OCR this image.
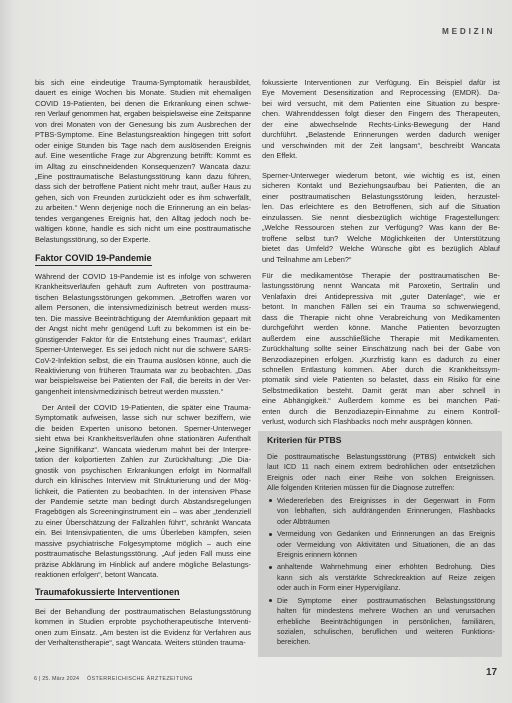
MEDIZIN
bis sich eine eindeutige Trauma-Symptomatik herausbildet,
dauert es einige Wochen bis Monate. Studien mit ehemaligen
COVID 19-Patienten, bei denen die Erkrankung einen schwe-
ren Verlauf genommen hat, ergaben beispielsweise eine Zeitspanne
von drei Monaten von der Genesung bis zum Ausbrechen der
PTBS-Symptome. Eine Belastungsreaktion hingegen tritt sofort
oder einige Stunden bis Tage nach dem auslösenden Ereignis
auf. Eine wesentliche Frage zur Abgrenzung betrifft: Kommt es
im Alltag zu einschneidenden Konsequenzen? Wancata dazu:
„Eine posttraumatische Belastungsstörung kann dazu führen,
dass sich der betroffene Patient nicht mehr traut, außer Haus zu
gehen, sich von Freunden zurückzieht oder es ihm schwerfällt,
zu arbeiten.“ Wenn derjenige noch die Erinnerung an ein belas-
tendes vergangenes Ereignis hat, den Alltag jedoch noch be-
wältigen könne, handle es sich nicht um eine posttraumatische
Belastungsstörung, so der Experte.
Faktor COVID 19-Pandemie
Während der COVID 19-Pandemie ist es infolge von schweren
Krankheitsverläufen gehäuft zum Auftreten von posttrauma-
tischen Belastungsstörungen gekommen. „Betroffen waren vor
allem Personen, die intensivmedizinisch betreut werden muss-
ten. Die massive Beeinträchtigung der Atemfunktion gepaart mit
der Angst nicht mehr genügend Luft zu bekommen ist ein be-
günstigender Faktor für die Entstehung eines Traumas“, erklärt
Sperner-Unterweger. Es sei jedoch nicht nur die schwere SARS-
CoV-2-Infektion selbst, die ein Trauma auslösen könne, auch die
Reaktivierung von früheren Traumata war zu beobachten. „Das
war beispielsweise bei Patienten der Fall, die bereits in der Ver-
gangenheit intensivmedizinisch betreut werden mussten.“
Der Anteil der COVID 19-Patienten, die später eine Trauma-
Symptomatik aufweisen, lasse sich nur schwer beziffern, wie
die beiden Experten unisono betonen. Sperner-Unterweger
sieht etwa bei Krankheitsverläufen ohne stationären Aufenthalt
„keine Signifikanz“. Wancata wiederum mahnt bei der Interpre-
tation der kolportierten Zahlen zur Zurückhaltung: „Die Dia-
gnostik von psychischen Erkrankungen erfolgt im Normalfall
durch ein klinisches Interview mit Strukturierung und der Mög-
lichkeit, die Patienten zu beobachten. In der intensiven Phase
der Pandemie setzte man bedingt durch Abstandsregelungen
Fragebögen als Screeninginstrument ein – was aber „tendenziell
zu einer Überschätzung der Fallzahlen führt“, schränkt Wancata
ein. Bei Intensivpatienten, die ums Überleben kämpfen, seien
massive psychiatrische Folgesymptome möglich – auch eine
posttraumatische Belastungsstörung. „Auf jeden Fall muss eine
präzise Abklärung im Hinblick auf andere mögliche Belastungs-
reaktionen erfolgen“, betont Wancata.
Traumafokussierte Interventionen
Bei der Behandlung der posttraumatischen Belastungsstörung
kommen in Studien erprobte psychotherapeutische Interventi-
onen zum Einsatz. „Am besten ist die Evidenz für Verfahren aus
der Verhaltenstherapie“, sagt Wancata. Weiters stünden trauma-
fokussierte Interventionen zur Verfügung. Ein Beispiel dafür ist
Eye Movement Desensitization and Reprocessing (EMDR). Da-
bei wird versucht, mit dem Patienten eine Situation zu bespre-
chen. Währenddessen folgt dieser den Fingern des Therapeuten,
der eine abwechselnde Rechts-Links-Bewegung der Hand
durchführt. „Belastende Erinnerungen werden dadurch weniger
und verschwinden mit der Zeit langsam“, beschreibt Wancata
den Effekt.
Sperner-Unterweger wiederum betont, wie wichtig es ist, einen
sicheren Kontakt und Beziehungsaufbau bei Patienten, die an
einer posttraumatischen Belastungsstörung leiden, herzustel-
len. Das erleichtere es den Betroffenen, sich auf die Situation
einzulassen. Sie nennt diesbezüglich wichtige Fragestellungen:
„Welche Ressourcen stehen zur Verfügung? Was kann der Be-
troffene selbst tun? Welche Möglichkeiten der Unterstützung
bietet das Umfeld? Welche Wünsche gibt es bezüglich Ablauf
und Teilnahme am Leben?“
Für die medikamentöse Therapie der posttraumatischen Be-
lastungsstörung nennt Wancata mit Paroxetin, Sertralin und
Venlafaxin drei Antidepressiva mit „guter Datenlage“, wie er
betont. In manchen Fällen sei ein Trauma so schwerwiegend,
dass die Therapie nicht ohne Verabreichung von Medikamenten
durchgeführt werden könne. Manche Patienten bevorzugten
außerdem eine ausschließliche Therapie mit Medikamenten.
Zurückhaltung sollte seiner Einschätzung nach bei der Gabe von
Benzodiazepinen erfolgen. „Kurzfristig kann es dadurch zu einer
schnellen Entlastung kommen. Aber durch die Krankheitssym-
ptomatik sind viele Patienten so belastet, dass ein Risiko für eine
Selbstmedikation besteht. Damit gerät man aber schnell in
eine Abhängigkeit.“ Außerdem komme es bei manchen Pati-
enten durch die Benzodiazepin-Einnahme zu einem Kontroll-
verlust, wodurch sich Flashbacks noch mehr ausprägen können.
Kriterien für PTBS
Die posttraumatische Belastungsstörung (PTBS) entwickelt sich
laut ICD 11 nach einem extrem bedrohlichen oder entsetzlichen
Ereignis oder nach einer Reihe von solchen Ereignissen.
Alle folgenden Kriterien müssen für die Diagnose zutreffen:
Wiedererleben des Ereignisses in der Gegenwart in Form
von lebhaften, sich aufdrängenden Erinnerungen, Flashbacks
oder Albträumen
Vermeidung von Gedanken und Erinnerungen an das Ereignis
oder Vermeidung von Aktivitäten und Situationen, die an das
Ereignis erinnern können
anhaltende Wahrnehmung einer erhöhten Bedrohung. Dies
kann sich als verstärkte Schreckreaktion auf Reize zeigen
oder auch in Form einer Hypervigilanz.
Die Symptome einer posttraumatischen Belastungsstörung
halten für mindestens mehrere Wochen an und verursachen
erhebliche Beeinträchtigungen in persönlichen, familiären,
sozialen, schulischen, beruflichen und weiteren Funktions-
bereichen.
6 | 25. März 2024 ÖSTERREICHISCHE ÄRZTEZEITUNG
17
